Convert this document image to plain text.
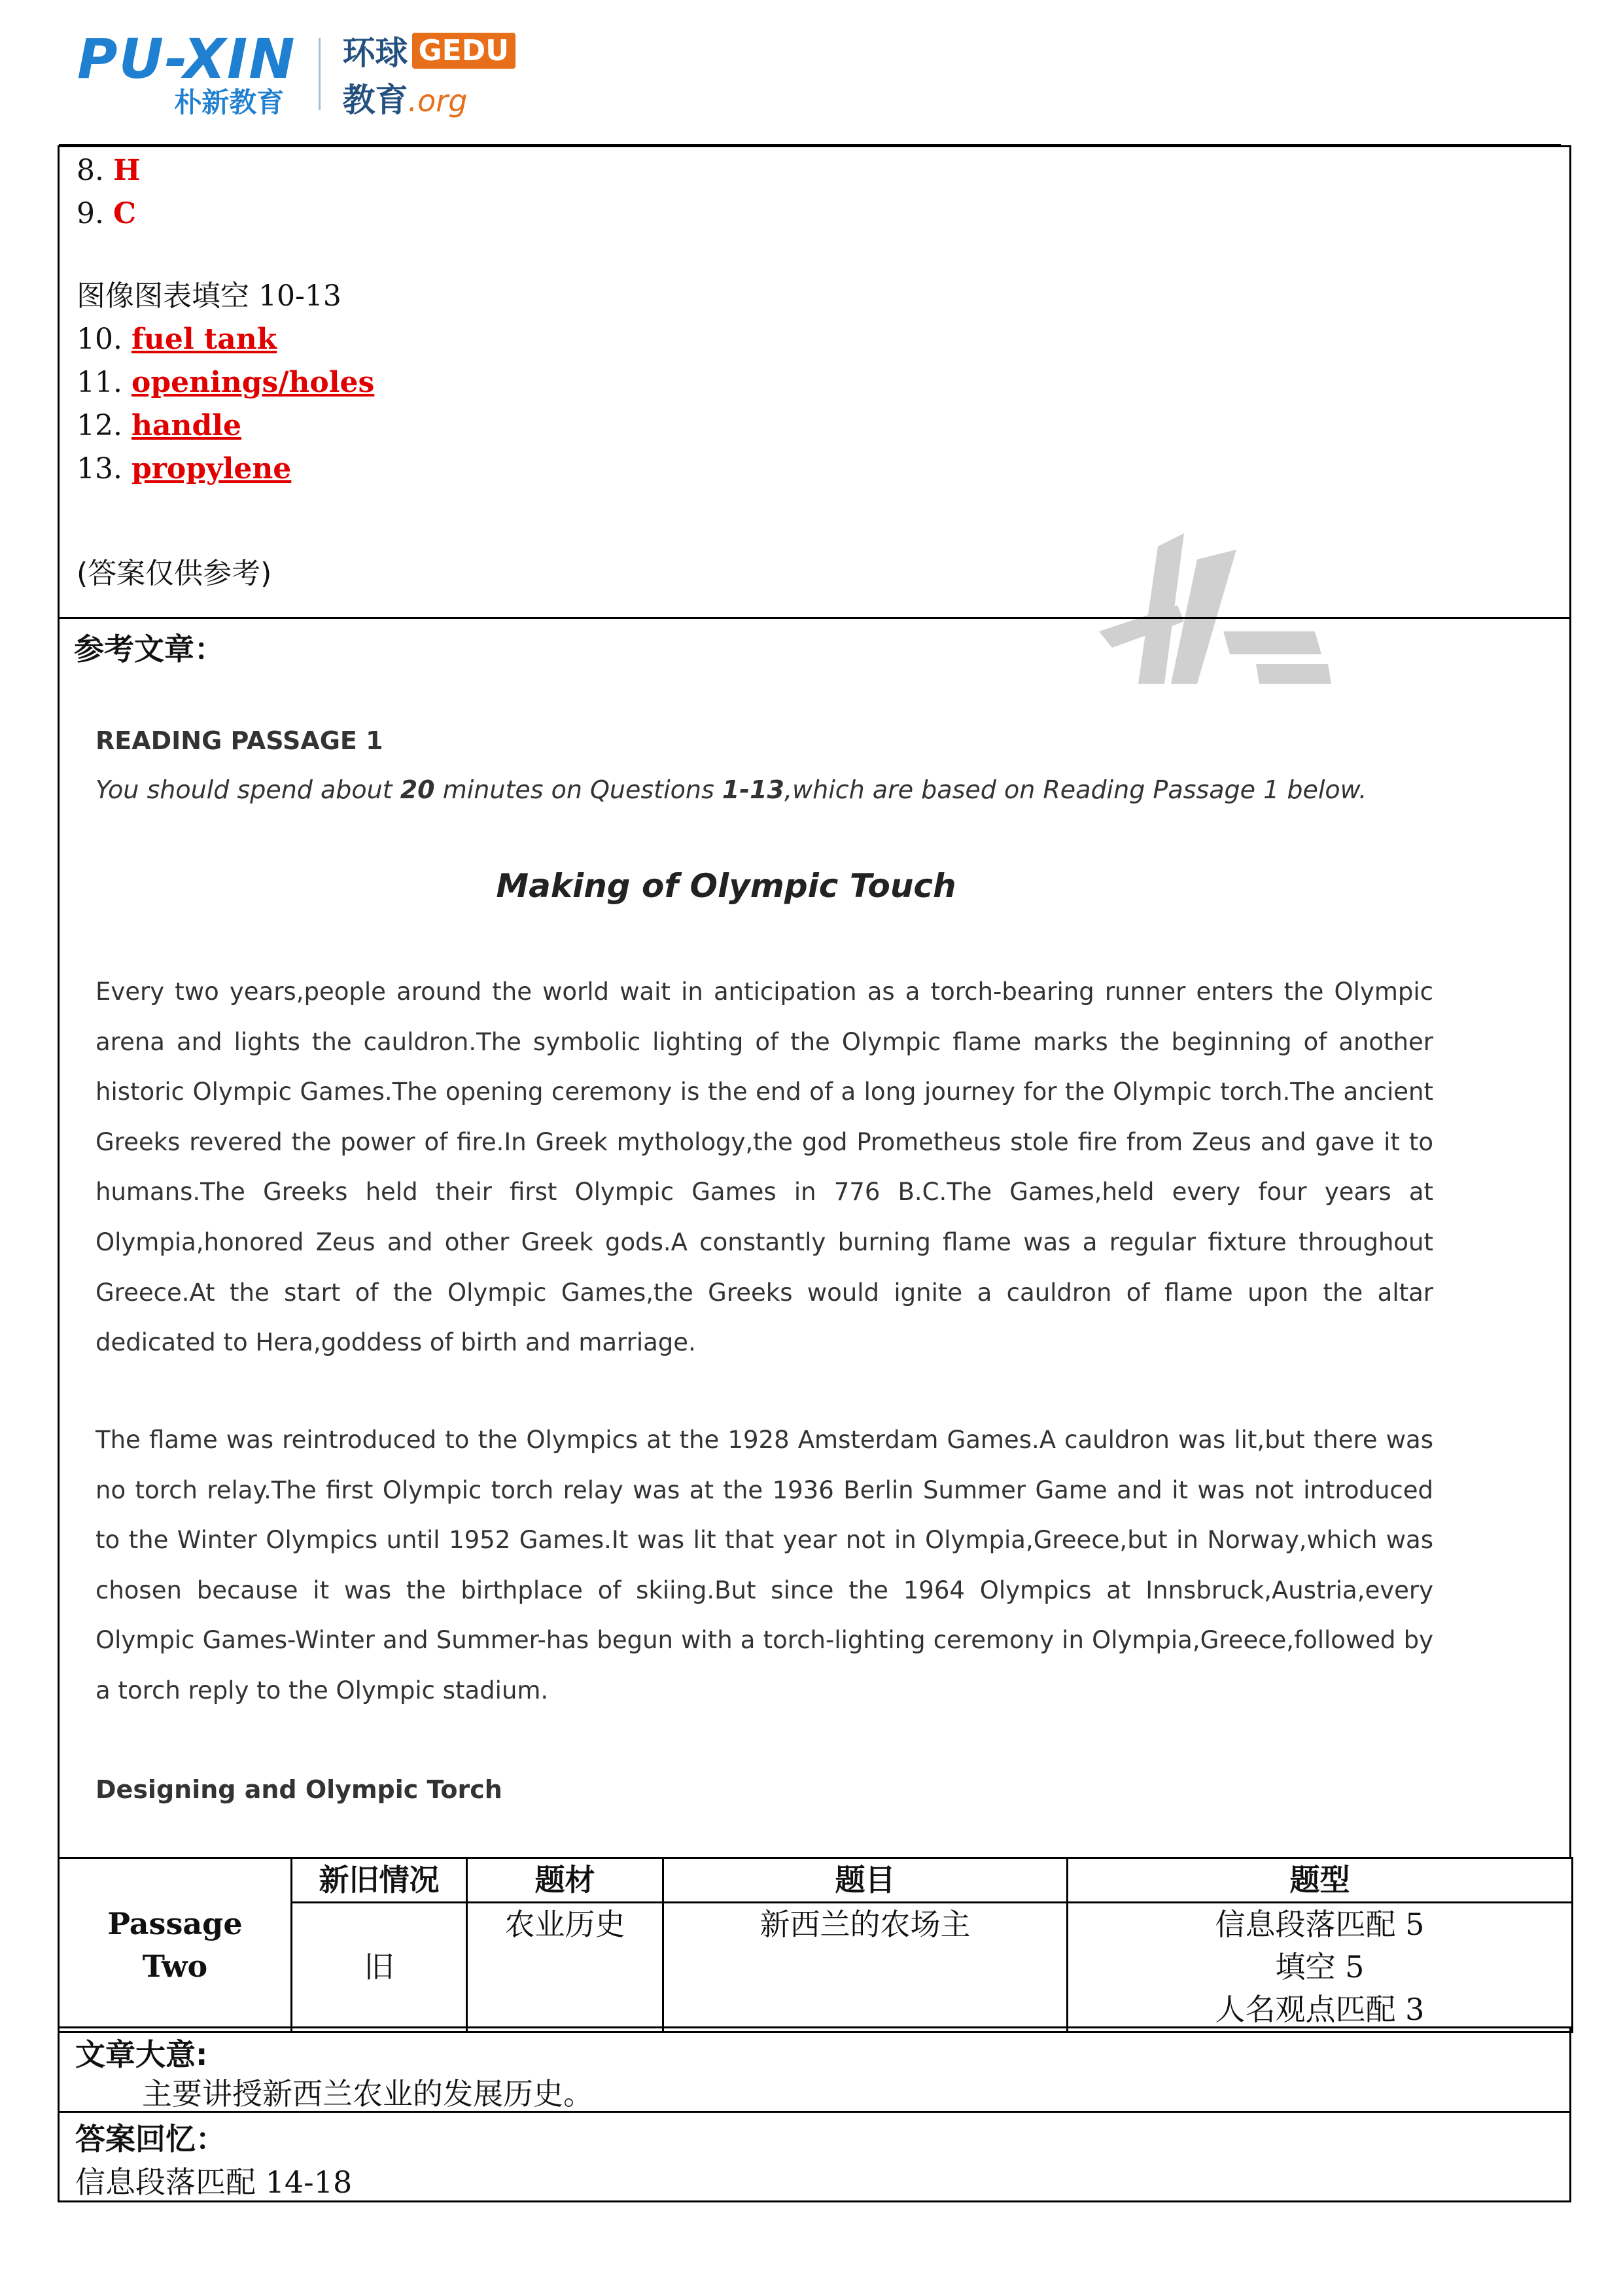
PU-XIN
朴新教育
环球 GEDU
教育 .org
8. H
9. C
图像图表填空 10-13
10. fuel tank
11. openings/holes
12. handle
13. propylene
(答案仅供参考)
参考文章：
READING PASSAGE 1
You should spend about 20 minutes on Questions 1-13,which are based on Reading Passage 1 below.
Making of Olympic Touch

Every two years,people around the world wait in anticipation as a torch-bearing runner enters the Olympic arena and lights the cauldron.The symbolic lighting of the Olympic flame marks the beginning of another historic Olympic Games.The opening ceremony is the end of a long journey for the Olympic torch.The ancient Greeks revered the power of fire.In Greek mythology,the god Prometheus stole fire from Zeus and gave it to humans.The Greeks held their first Olympic Games in 776 B.C.The Games,held every four years at Olympia,honored Zeus and other Greek gods.A constantly burning flame was a regular fixture throughout Greece.At the start of the Olympic Games,the Greeks would ignite a cauldron of flame upon the altar dedicated to Hera,goddess of birth and marriage.

The flame was reintroduced to the Olympics at the 1928 Amsterdam Games.A cauldron was lit,but there was no torch relay.The first Olympic torch relay was at the 1936 Berlin Summer Game and it was not introduced to the Winter Olympics until 1952 Games.It was lit that year not in Olympia,Greece,but in Norway,which was chosen because it was the birthplace of skiing.But since the 1964 Olympics at Innsbruck,Austria,every Olympic Games-Winter and Summer-has begun with a torch-lighting ceremony in Olympia,Greece,followed by a torch reply to the Olympic stadium.

Designing and Olympic Torch
Passage
Two	新旧情况	题材	题目	题型
	旧	农业历史	新西兰的农场主	信息段落匹配 5
填空 5
人名观点匹配 3
文章大意:
主要讲授新西兰农业的发展历史。
答案回忆：
信息段落匹配 14-18
